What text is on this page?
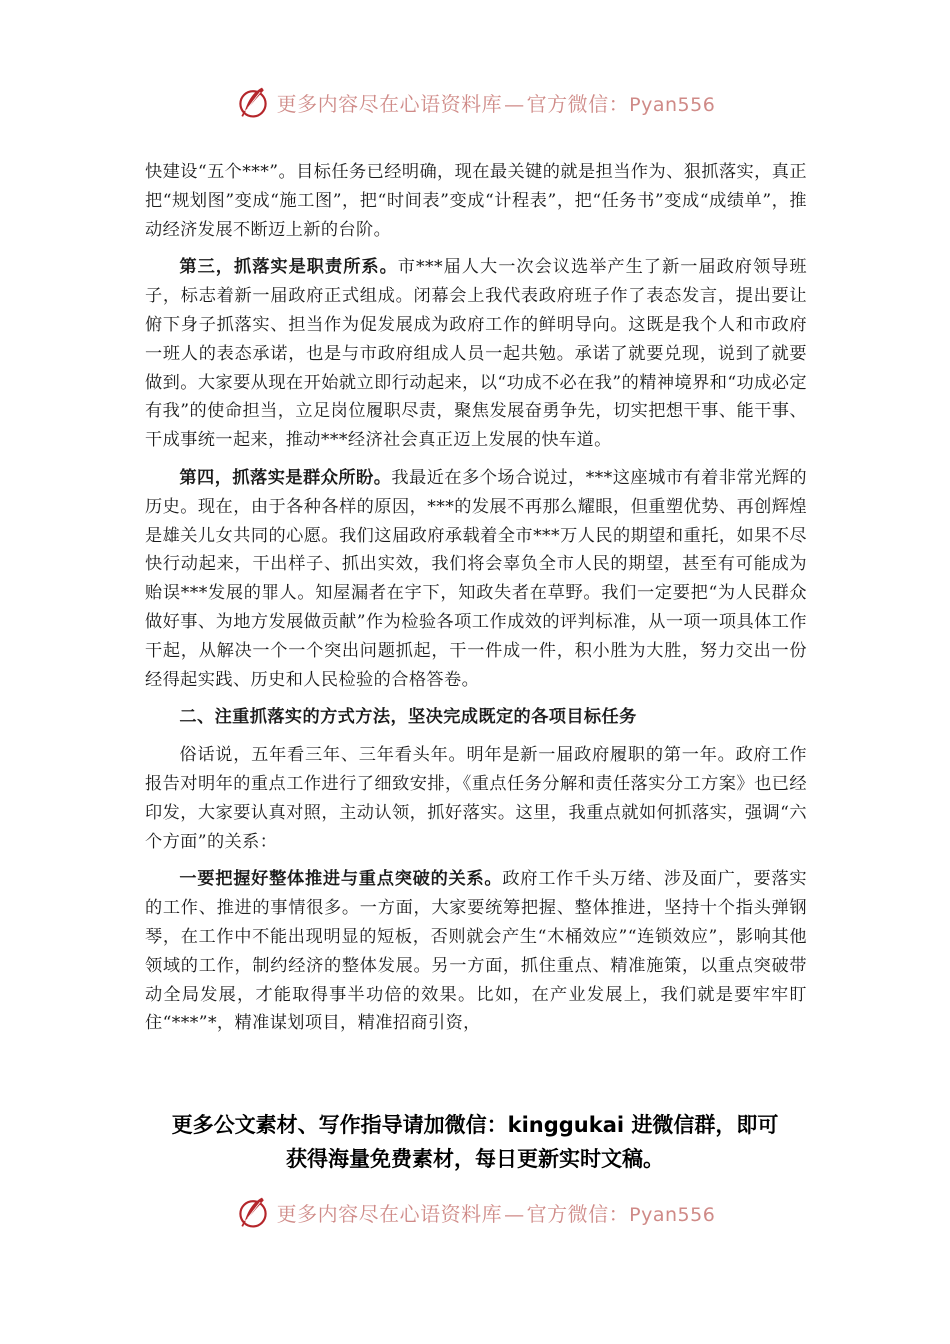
更多内容尽在心语资料库 — 官方微信：Pyan556

快建设“五个***”。目标任务已经明确，现在最关键的就是担当作为、狠抓落实，真正把“规划图”变成“施工图”，把“时间表”变成“计程表”，把“任务书”变成“成绩单”，推动经济发展不断迈上新的台阶。

第三，抓落实是职责所系。市***届人大一次会议选举产生了新一届政府领导班子，标志着新一届政府正式组成。闭幕会上我代表政府班子作了表态发言，提出要让俯下身子抓落实、担当作为促发展成为政府工作的鲜明导向。这既是我个人和市政府一班人的表态承诺，也是与市政府组成人员一起共勉。承诺了就要兑现，说到了就要做到。大家要从现在开始就立即行动起来，以“功成不必在我”的精神境界和“功成必定有我”的使命担当，立足岗位履职尽责，聚焦发展奋勇争先，切实把想干事、能干事、干成事统一起来，推动***经济社会真正迈上发展的快车道。

第四，抓落实是群众所盼。我最近在多个场合说过，***这座城市有着非常光辉的历史。现在，由于各种各样的原因，***的发展不再那么耀眼，但重塑优势、再创辉煌是雄关儿女共同的心愿。我们这届政府承载着全市***万人民的期望和重托，如果不尽快行动起来，干出样子、抓出实效，我们将会辜负全市人民的期望，甚至有可能成为贻误***发展的罪人。知屋漏者在宇下，知政失者在草野。我们一定要把“为人民群众做好事、为地方发展做贡献”作为检验各项工作成效的评判标准，从一项一项具体工作干起，从解决一个一个突出问题抓起，干一件成一件，积小胜为大胜，努力交出一份经得起实践、历史和人民检验的合格答卷。

二、注重抓落实的方式方法，坚决完成既定的各项目标任务

俗话说，五年看三年、三年看头年。明年是新一届政府履职的第一年。政府工作报告对明年的重点工作进行了细致安排，《重点任务分解和责任落实分工方案》也已经印发，大家要认真对照，主动认领，抓好落实。这里，我重点就如何抓落实，强调“六个方面”的关系：

一要把握好整体推进与重点突破的关系。政府工作千头万绪、涉及面广，要落实的工作、推进的事情很多。一方面，大家要统筹把握、整体推进，坚持十个指头弹钢琴，在工作中不能出现明显的短板，否则就会产生“木桶效应”“连锁效应”，影响其他领域的工作，制约经济的整体发展。另一方面，抓住重点、精准施策，以重点突破带动全局发展，才能取得事半功倍的效果。比如，在产业发展上，我们就是要牢牢盯住“***”*，精准谋划项目，精准招商引资，

更多公文素材、写作指导请加微信：kinggukai 进微信群，即可
获得海量免费素材，每日更新实时文稿。
更多内容尽在心语资料库 — 官方微信：Pyan556
